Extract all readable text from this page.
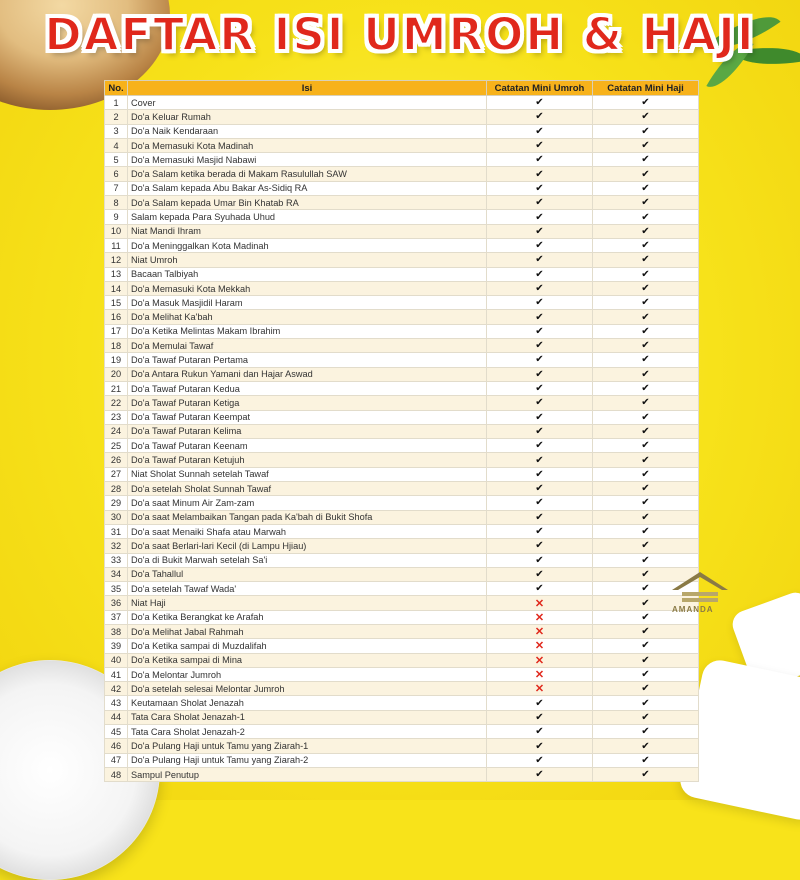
DAFTAR ISI UMROH & HAJI
No.	Isi	Catatan Mini Umroh	Catatan Mini Haji
1	Cover	✔	✔
2	Do'a Keluar Rumah	✔	✔
3	Do'a Naik Kendaraan	✔	✔
4	Do'a Memasuki Kota Madinah	✔	✔
5	Do'a Memasuki Masjid Nabawi	✔	✔
6	Do'a Salam ketika berada di Makam Rasulullah SAW	✔	✔
7	Do'a Salam kepada Abu Bakar As-Sidiq RA	✔	✔
8	Do'a Salam kepada Umar Bin Khatab RA	✔	✔
9	Salam kepada Para Syuhada Uhud	✔	✔
10	Niat Mandi Ihram	✔	✔
11	Do'a Meninggalkan Kota Madinah	✔	✔
12	Niat Umroh	✔	✔
13	Bacaan Talbiyah	✔	✔
14	Do'a Memasuki Kota Mekkah	✔	✔
15	Do'a Masuk Masjidil Haram	✔	✔
16	Do'a Melihat Ka'bah	✔	✔
17	Do'a Ketika Melintas Makam Ibrahim	✔	✔
18	Do'a Memulai Tawaf	✔	✔
19	Do'a Tawaf Putaran Pertama	✔	✔
20	Do'a Antara Rukun Yamani dan Hajar Aswad	✔	✔
21	Do'a Tawaf Putaran Kedua	✔	✔
22	Do'a Tawaf Putaran Ketiga	✔	✔
23	Do'a Tawaf Putaran Keempat	✔	✔
24	Do'a Tawaf Putaran Kelima	✔	✔
25	Do'a Tawaf Putaran Keenam	✔	✔
26	Do'a Tawaf Putaran Ketujuh	✔	✔
27	Niat Sholat Sunnah setelah Tawaf	✔	✔
28	Do'a setelah Sholat Sunnah Tawaf	✔	✔
29	Do'a saat Minum Air Zam-zam	✔	✔
30	Do'a saat Melambaikan Tangan pada Ka'bah di Bukit Shofa	✔	✔
31	Do'a saat Menaiki Shafa atau Marwah	✔	✔
32	Do'a saat Berlari-lari Kecil (di Lampu Hjiau)	✔	✔
33	Do'a di Bukit Marwah setelah Sa'i	✔	✔
34	Do'a Tahallul	✔	✔
35	Do'a setelah Tawaf Wada'	✔	✔
36	Niat Haji	✕	✔
37	Do'a Ketika Berangkat ke Arafah	✕	✔
38	Do'a Melihat Jabal Rahmah	✕	✔
39	Do'a Ketika sampai di Muzdalifah	✕	✔
40	Do'a Ketika sampai di Mina	✕	✔
41	Do'a Melontar Jumroh	✕	✔
42	Do'a setelah selesai Melontar Jumroh	✕	✔
43	Keutamaan Sholat Jenazah	✔	✔
44	Tata Cara Sholat Jenazah-1	✔	✔
45	Tata Cara Sholat Jenazah-2	✔	✔
46	Do'a Pulang Haji untuk Tamu yang Ziarah-1	✔	✔
47	Do'a Pulang Haji untuk Tamu yang Ziarah-2	✔	✔
48	Sampul Penutup	✔	✔
AMANDA
